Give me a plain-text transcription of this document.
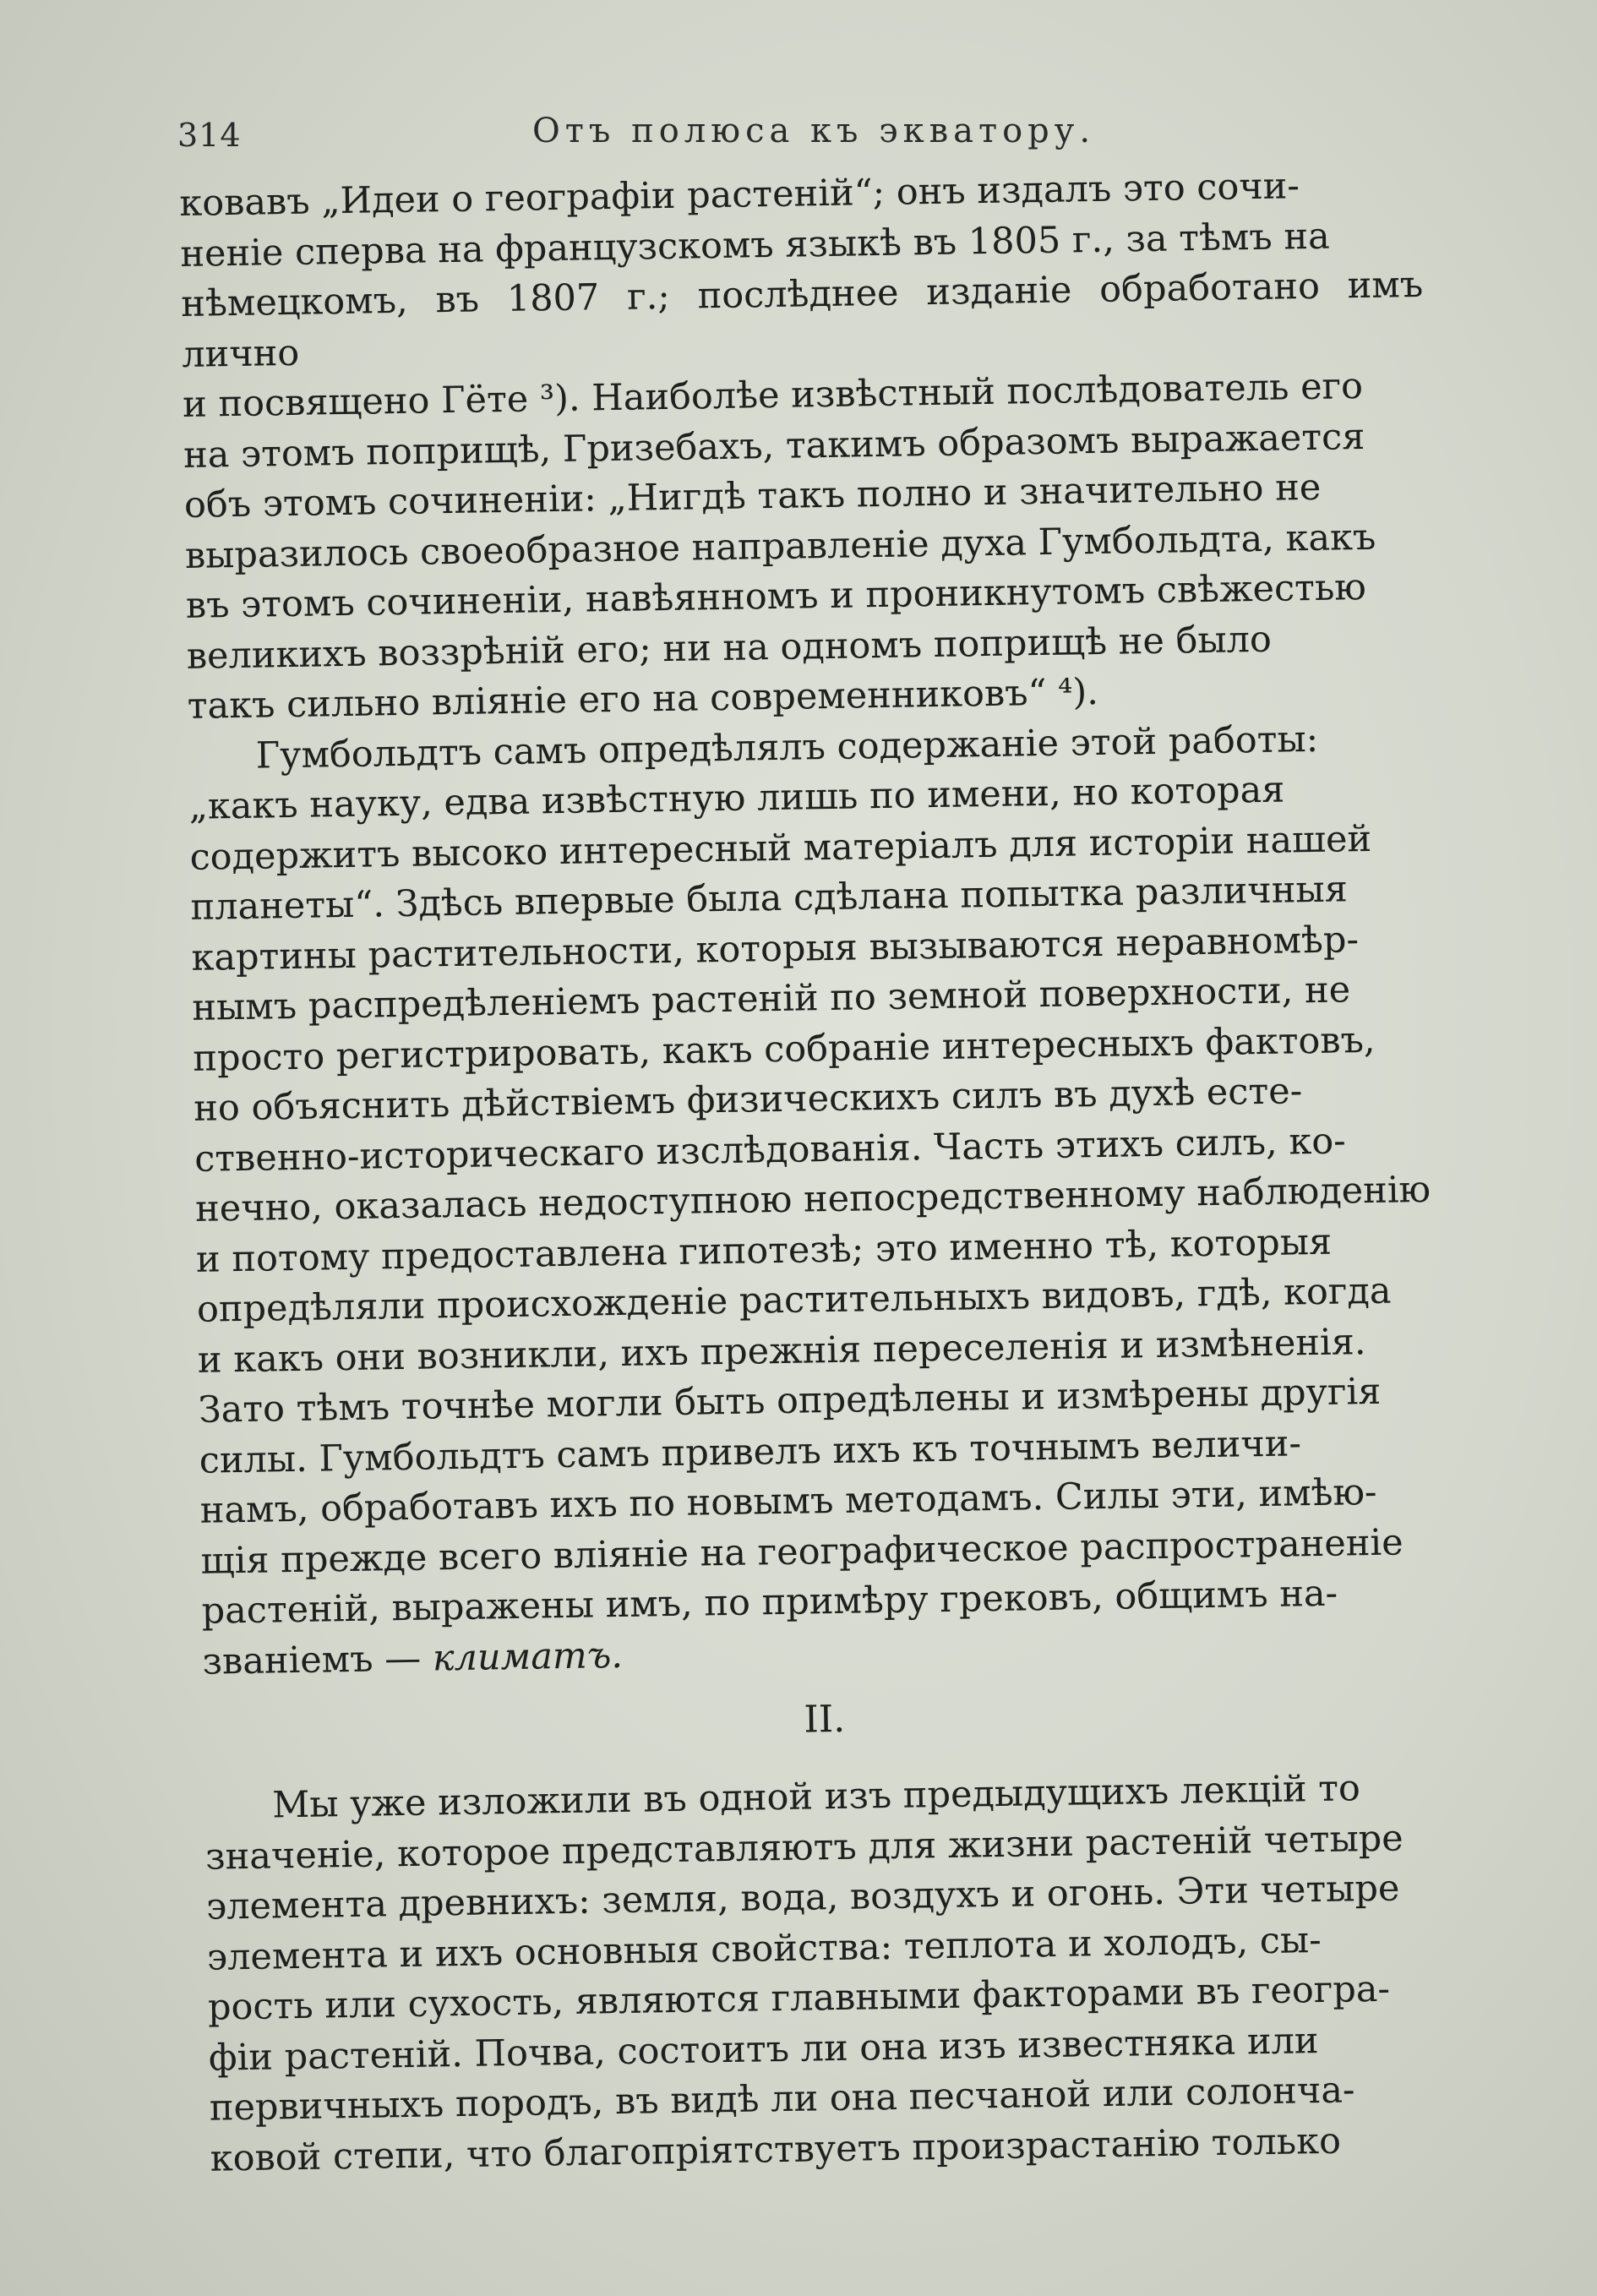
314	Отъ полюса къ экватору.

ковавъ „Идеи о географіи растеній“; онъ издалъ это сочи-
неніе сперва на французскомъ языкѣ въ 1805 г., за тѣмъ на
нѣмецкомъ, въ 1807 г.; послѣднее изданіе обработано имъ лично
и посвящено Гёте ³). Наиболѣе извѣстный послѣдователь его
на этомъ поприщѣ, Гризебахъ, такимъ образомъ выражается
объ этомъ сочиненіи: „Нигдѣ такъ полно и значительно не
выразилось своеобразное направленіе духа Гумбольдта, какъ
въ этомъ сочиненіи, навѣянномъ и проникнутомъ свѣжестью
великихъ воззрѣній его; ни на одномъ поприщѣ не было
такъ сильно вліяніе его на современниковъ“ ⁴).

Гумбольдтъ самъ опредѣлялъ содержаніе этой работы:
„какъ науку, едва извѣстную лишь по имени, но которая
содержитъ высоко интересный матеріалъ для исторіи нашей
планеты“. Здѣсь впервые была сдѣлана попытка различныя
картины растительности, которыя вызываются неравномѣр-
нымъ распредѣленіемъ растеній по земной поверхности, не
просто регистрировать, какъ собраніе интересныхъ фактовъ,
но объяснить дѣйствіемъ физическихъ силъ въ духѣ есте-
ственно-историческаго изслѣдованія. Часть этихъ силъ, ко-
нечно, оказалась недоступною непосредственному наблюденію
и потому предоставлена гипотезѣ; это именно тѣ, которыя
опредѣляли происхожденіе растительныхъ видовъ, гдѣ, когда
и какъ они возникли, ихъ прежнія переселенія и измѣненія.
Зато тѣмъ точнѣе могли быть опредѣлены и измѣрены другія
силы. Гумбольдтъ самъ привелъ ихъ къ точнымъ величи-
намъ, обработавъ ихъ по новымъ методамъ. Силы эти, имѣю-
щія прежде всего вліяніе на географическое распространеніе
растеній, выражены имъ, по примѣру грековъ, общимъ на-
званіемъ — климатъ.

II.

Мы уже изложили въ одной изъ предыдущихъ лекцій то
значеніе, которое представляютъ для жизни растеній четыре
элемента древнихъ: земля, вода, воздухъ и огонь. Эти четыре
элемента и ихъ основныя свойства: теплота и холодъ, сы-
рость или сухость, являются главными факторами въ геогра-
фіи растеній. Почва, состоитъ ли она изъ известняка или
первичныхъ породъ, въ видѣ ли она песчаной или солонча-
ковой степи, что благопріятствуетъ произрастанію только
